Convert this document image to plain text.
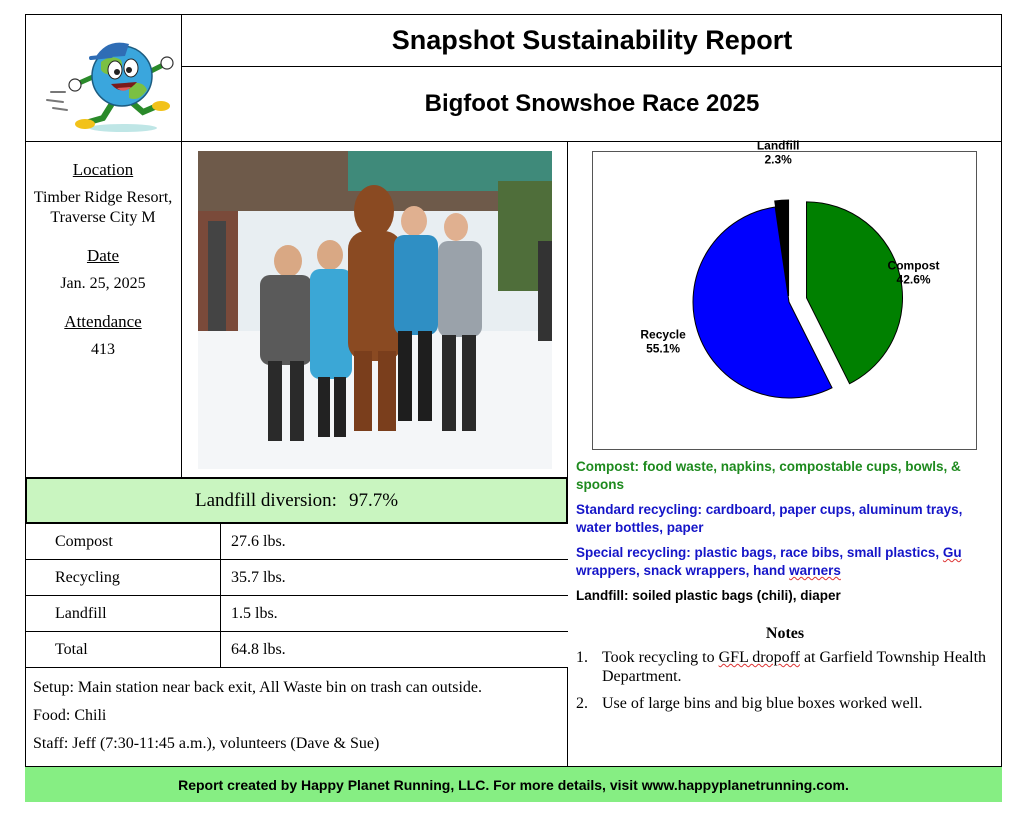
Snapshot Sustainability Report
Bigfoot Snowshoe Race 2025
Location
Timber Ridge Resort, Traverse City M
Date
Jan. 25, 2025
Attendance
413
Landfill diversion: 97.7%
Compost	27.6 lbs.
Recycling	35.7 lbs.
Landfill	1.5 lbs.
Total	64.8 lbs.

Setup: Main station near back exit, All Waste bin on trash can outside.

Food: Chili

Staff: Jeff (7:30-11:45 a.m.), volunteers (Dave & Sue)

Compost
42.6%
Recycle
55.1%
Landfill
2.3%

Compost: food waste, napkins, compostable cups, bowls, & spoons

Standard recycling: cardboard, paper cups, aluminum trays, water bottles, paper

Special recycling: plastic bags, race bibs, small plastics, Gu wrappers, snack wrappers, hand warners

Landfill: soiled plastic bags (chili), diaper

Notes
1. Took recycling to GFL dropoff at Garfield Township Health Department.
2. Use of large bins and big blue boxes worked well.
Report created by Happy Planet Running, LLC. For more details, visit www.happyplanetrunning.com.
